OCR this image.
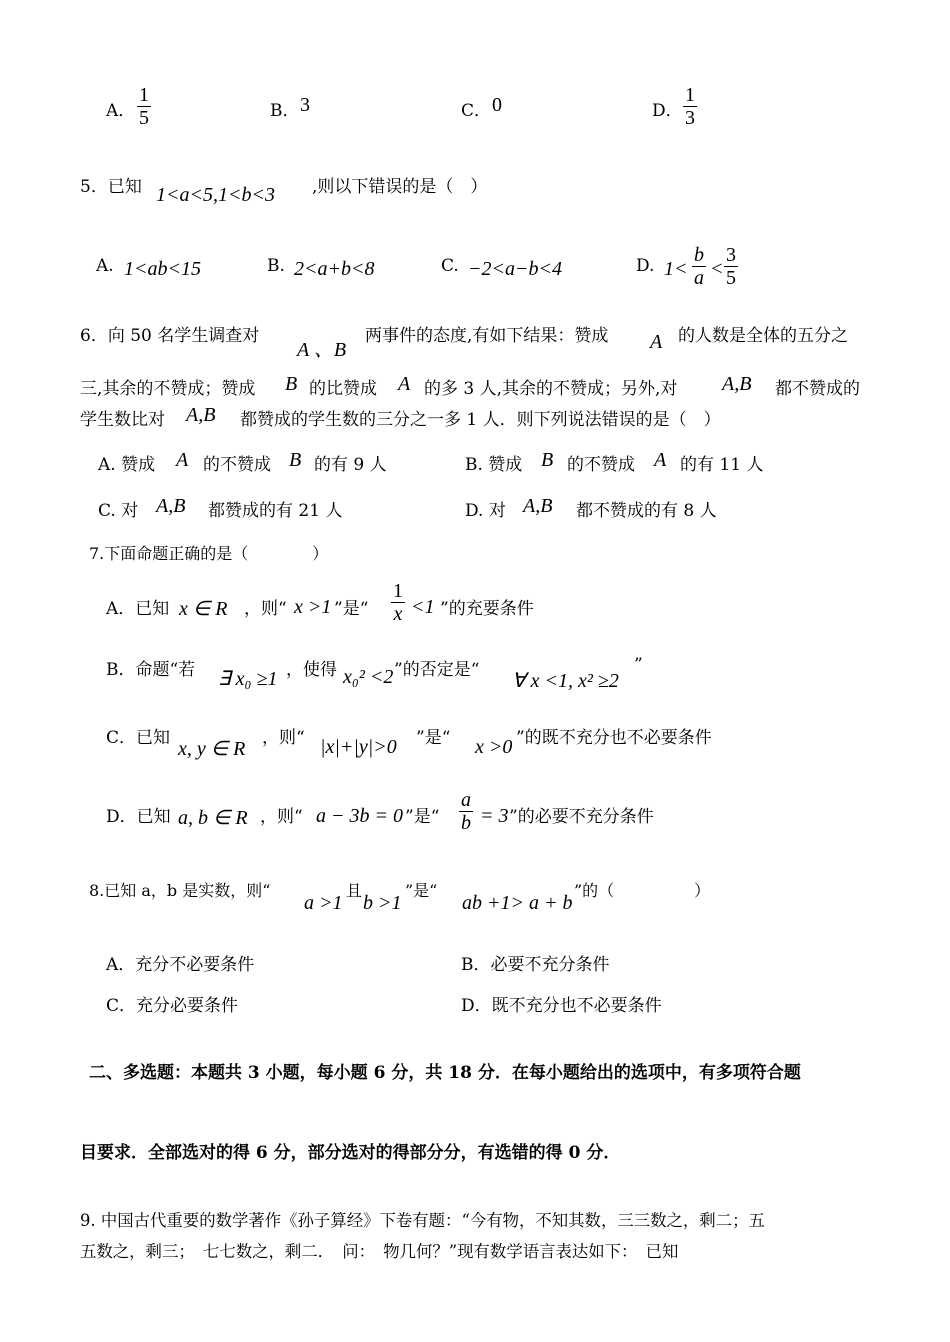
A．
1
5	B． 3	C． 0	D．
1
3
5．已知 1<a<5,1<b<3 ,则以下错误的是（　）
A. 1<ab<15	B. 2<a+b<8	C. −2<a−b<4	D. 1<
b
a <
3
5
6．向 50 名学生调查对
A 、B
两事件的态度,有如下结果：赞成 A 的人数是全体的五分之
三,其余的不赞成；赞成 B 的比赞成 A 的多 3 人,其余的不赞成；另外,对 A,B 都不赞成的
学生数比对 A,B 都赞成的学生数的三分之一多 1 人．则下列说法错误的是（　）
A. 赞成 A 的不赞成 B 的有 9 人	B. 赞成 B 的不赞成 A 的有 11 人
C. 对 A,B 都赞成的有 21 人	D. 对 A,B 都不赞成的有 8 人
7.下面命题正确的是（　　　　）
A．已知 x ∈ R ，则“ x >1 ”是“
1
x <1 ”的充要条件
B．命题“若 ∃ x₀ ≥1 ，使得 x₀² <2 ”的否定是“ ∀ x <1, x² ≥2
”
C．已知 x, y ∈ R ，则“ |x|+|y|>0 ”是“ x >0 ”的既不充分也不必要条件
D．已知 a, b ∈ R ，则“ a − 3b = 0 ”是“
a
b = 3 ”的必要不充分条件
8.已知 a，b 是实数，则“
a >1
且
b >1
”是“
ab +1> a + b
”的（　　　　　）
A．充分不必要条件	B．必要不充分条件
C．充分必要条件	D．既不充分也不必要条件
二、多选题：本题共 3 小题，每小题 6 分，共 18 分．在每小题给出的选项中，有多项符合题
目要求．全部选对的得 6 分，部分选对的得部分分，有选错的得 0 分．
9. 中国古代重要的数学著作《孙子算经》下卷有题：“今有物，不知其数，三三数之，剩二；五
五数之，剩三；　七七数之，剩二．　问：　物几何？”现有数学语言表达如下：　已知
